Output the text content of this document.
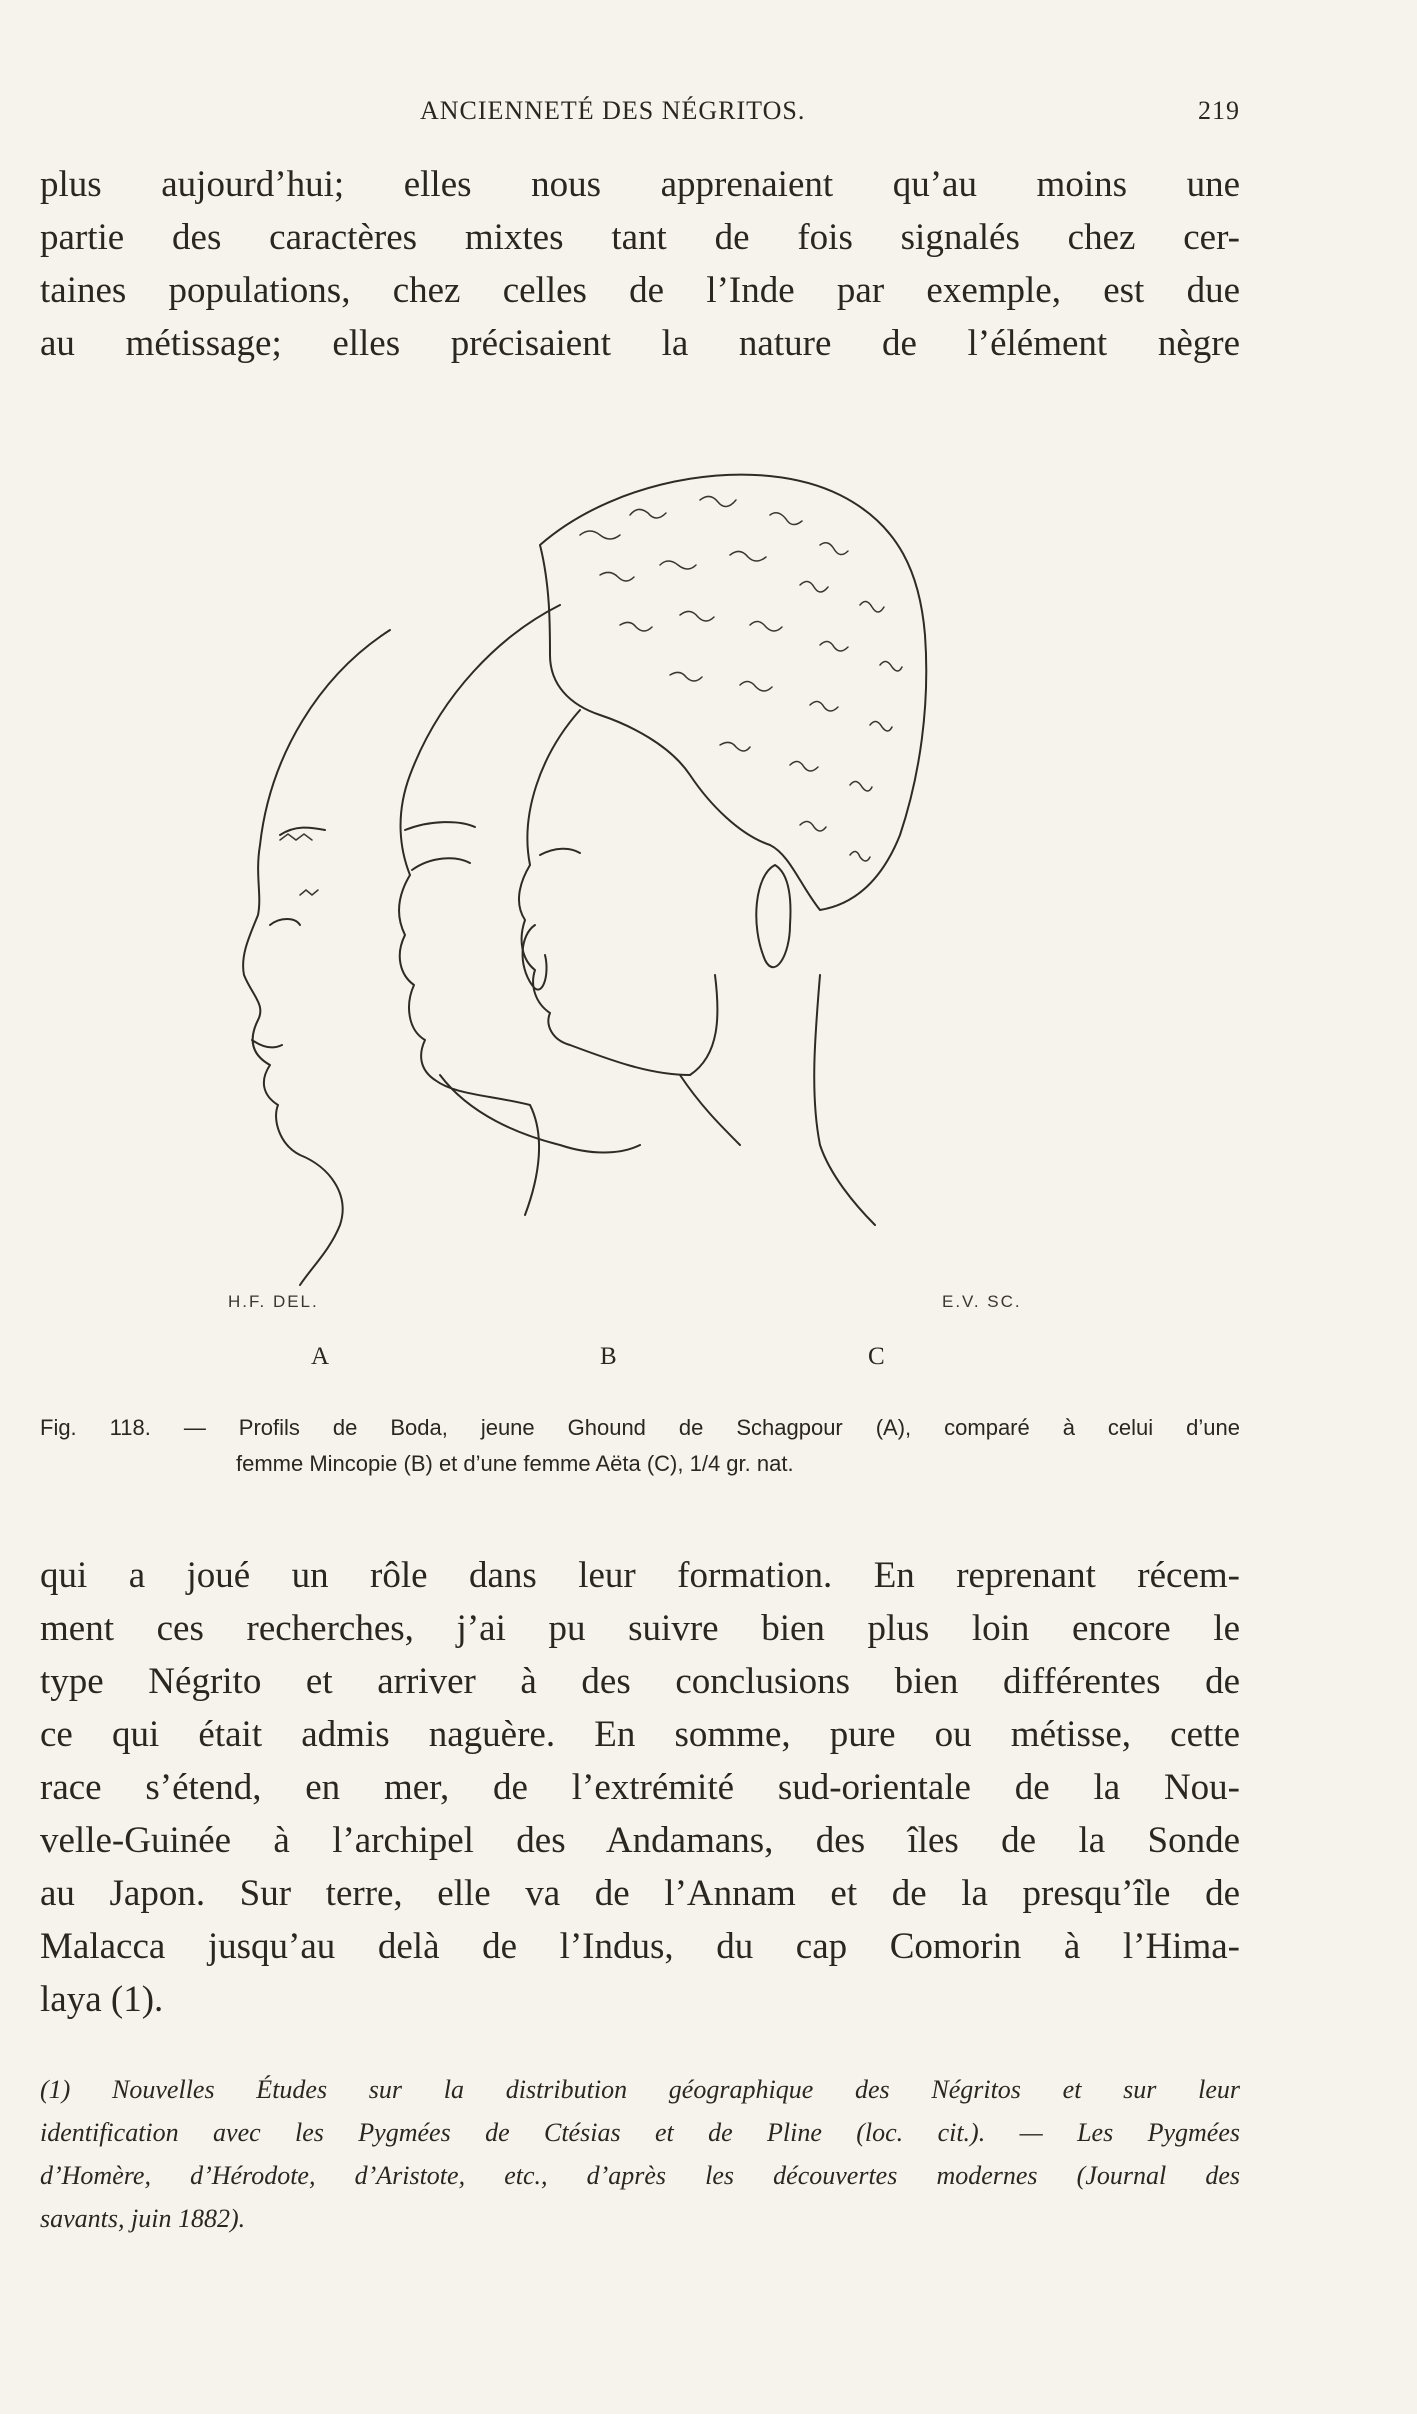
ANCIENNETÉ DES NÉGRITOS.	219
plus aujourd’hui; elles nous apprenaient qu’au moins une
partie des caractères mixtes tant de fois signalés chez cer-
taines populations, chez celles de l’Inde par exemple, est due
au métissage; elles précisaient la nature de l’élément nègre
H.F. DEL.	E.V. SC.
A	B	C
Fig. 118. — Profils de Boda, jeune Ghound de Schagpour (A), comparé à celui d’une
femme Mincopie (B) et d’une femme Aëta (C), 1/4 gr. nat.
qui a joué un rôle dans leur formation. En reprenant récem-
ment ces recherches, j’ai pu suivre bien plus loin encore le
type Négrito et arriver à des conclusions bien différentes de
ce qui était admis naguère. En somme, pure ou métisse, cette
race s’étend, en mer, de l’extrémité sud-orientale de la Nou-
velle-Guinée à l’archipel des Andamans, des îles de la Sonde
au Japon. Sur terre, elle va de l’Annam et de la presqu’île de
Malacca jusqu’au delà de l’Indus, du cap Comorin à l’Hima-
laya (1).
(1) Nouvelles Études sur la distribution géographique des Négritos et sur leur
identification avec les Pygmées de Ctésias et de Pline (loc. cit.). — Les Pygmées
d’Homère, d’Hérodote, d’Aristote, etc., d’après les découvertes modernes (Journal des
savants, juin 1882).
